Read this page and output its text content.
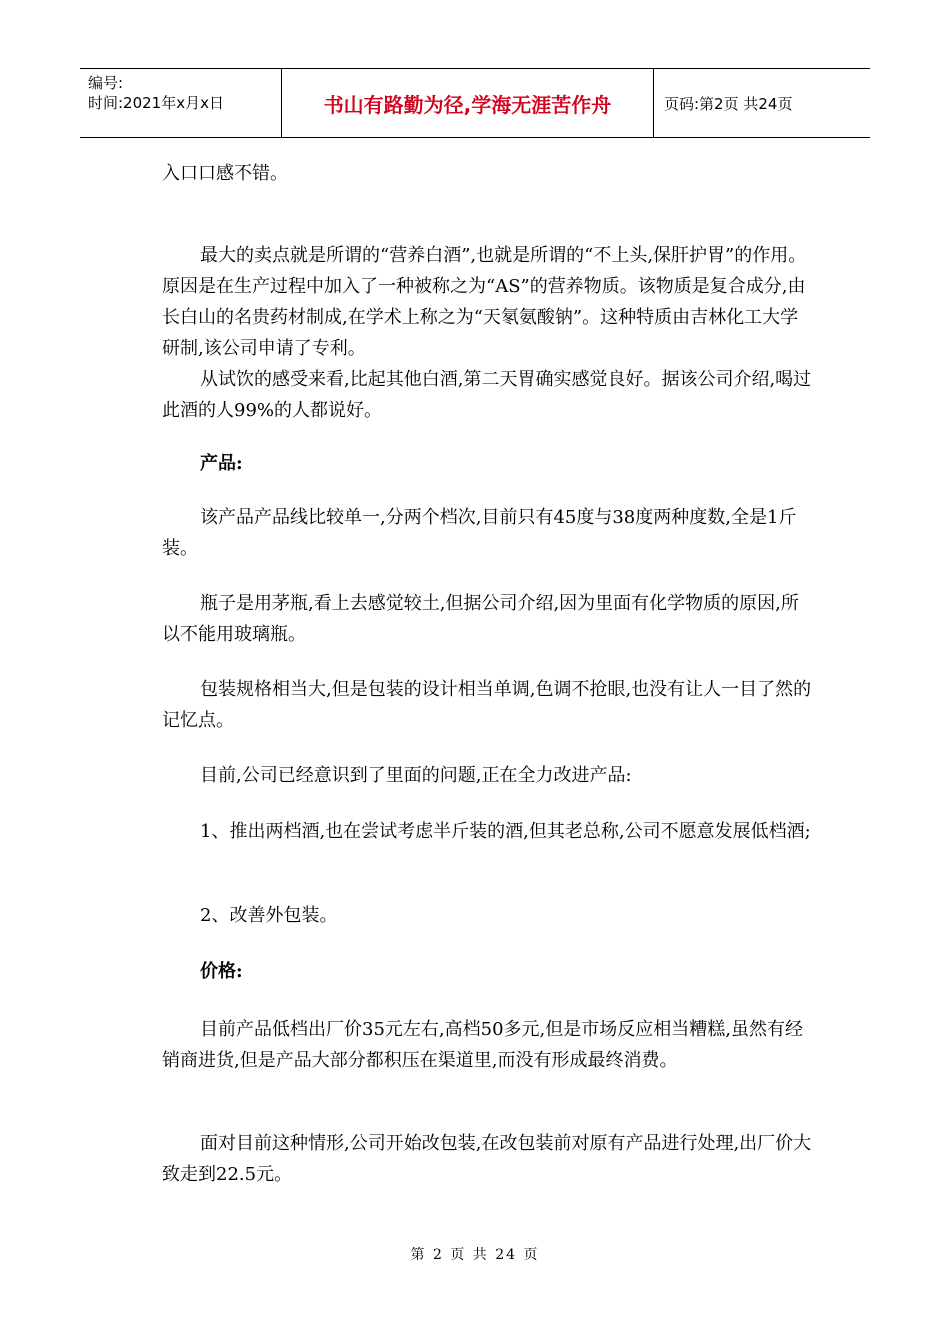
编号:
时间:2021年x月x日	书山有路勤为径,学海无涯苦作舟	页码:第2页 共24页

入口口感不错。

最大的卖点就是所谓的“营养白酒”,也就是所谓的“不上头,保肝护胃”的作用。原因是在生产过程中加入了一种被称之为“AS”的营养物质。该物质是复合成分,由长白山的名贵药材制成,在学术上称之为“天氡氨酸钠”。这种特质由吉林化工大学研制,该公司申请了专利。

从试饮的感受来看,比起其他白酒,第二天胃确实感觉良好。据该公司介绍,喝过此酒的人99%的人都说好。

产品:

该产品产品线比较单一,分两个档次,目前只有45度与38度两种度数,全是1斤装。

瓶子是用茅瓶,看上去感觉较土,但据公司介绍,因为里面有化学物质的原因,所以不能用玻璃瓶。

包装规格相当大,但是包装的设计相当单调,色调不抢眼,也没有让人一目了然的记忆点。

目前,公司已经意识到了里面的问题,正在全力改进产品:

1、推出两档酒,也在尝试考虑半斤装的酒,但其老总称,公司不愿意发展低档酒;

2、改善外包装。

价格:

目前产品低档出厂价35元左右,高档50多元,但是市场反应相当糟糕,虽然有经销商进货,但是产品大部分都积压在渠道里,而没有形成最终消费。

面对目前这种情形,公司开始改包装,在改包装前对原有产品进行处理,出厂价大致走到22.5元。

第 2 页 共 24 页
